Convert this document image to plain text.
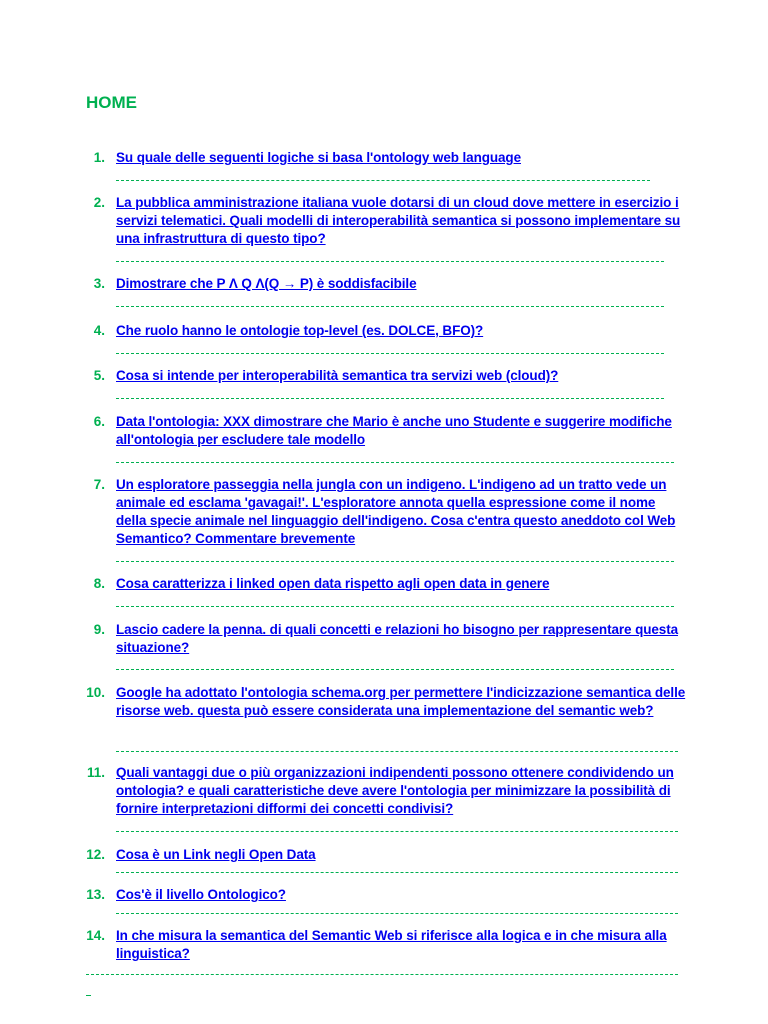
HOME
1. Su quale delle seguenti logiche si basa l'ontology web language
2. La pubblica amministrazione italiana vuole dotarsi di un cloud dove mettere in esercizio i servizi telematici. Quali modelli di interoperabilità semantica si possono implementare su una infrastruttura di questo tipo?
3. Dimostrare che P Λ Q Λ(Q → P) è soddisfacibile
4. Che ruolo hanno le ontologie top-level (es. DOLCE, BFO)?
5. Cosa si intende per interoperabilità semantica tra servizi web (cloud)?
6. Data l'ontologia: XXX dimostrare che Mario è anche uno Studente e suggerire modifiche all'ontologia per escludere tale modello
7. Un esploratore passeggia nella jungla con un indigeno. L'indigeno ad un tratto vede un animale ed esclama 'gavagai!'. L'esploratore annota quella espressione come il nome della specie animale nel linguaggio dell'indigeno. Cosa c'entra questo aneddoto col Web Semantico? Commentare brevemente
8. Cosa caratterizza i linked open data rispetto agli open data in genere
9. Lascio cadere la penna. di quali concetti e relazioni ho bisogno per rappresentare questa situazione?
10. Google ha adottato l'ontologia schema.org per permettere l'indicizzazione semantica delle risorse web. questa può essere considerata una implementazione del semantic web?
11. Quali vantaggi due o più organizzazioni indipendenti possono ottenere condividendo un ontologia? e quali caratteristiche deve avere l'ontologia per minimizzare la possibilità di fornire interpretazioni difformi dei concetti condivisi?
12. Cosa è un Link negli Open Data
13. Cos'è il livello Ontologico?
14. In che misura la semantica del Semantic Web si riferisce alla logica e in che misura alla linguistica?
